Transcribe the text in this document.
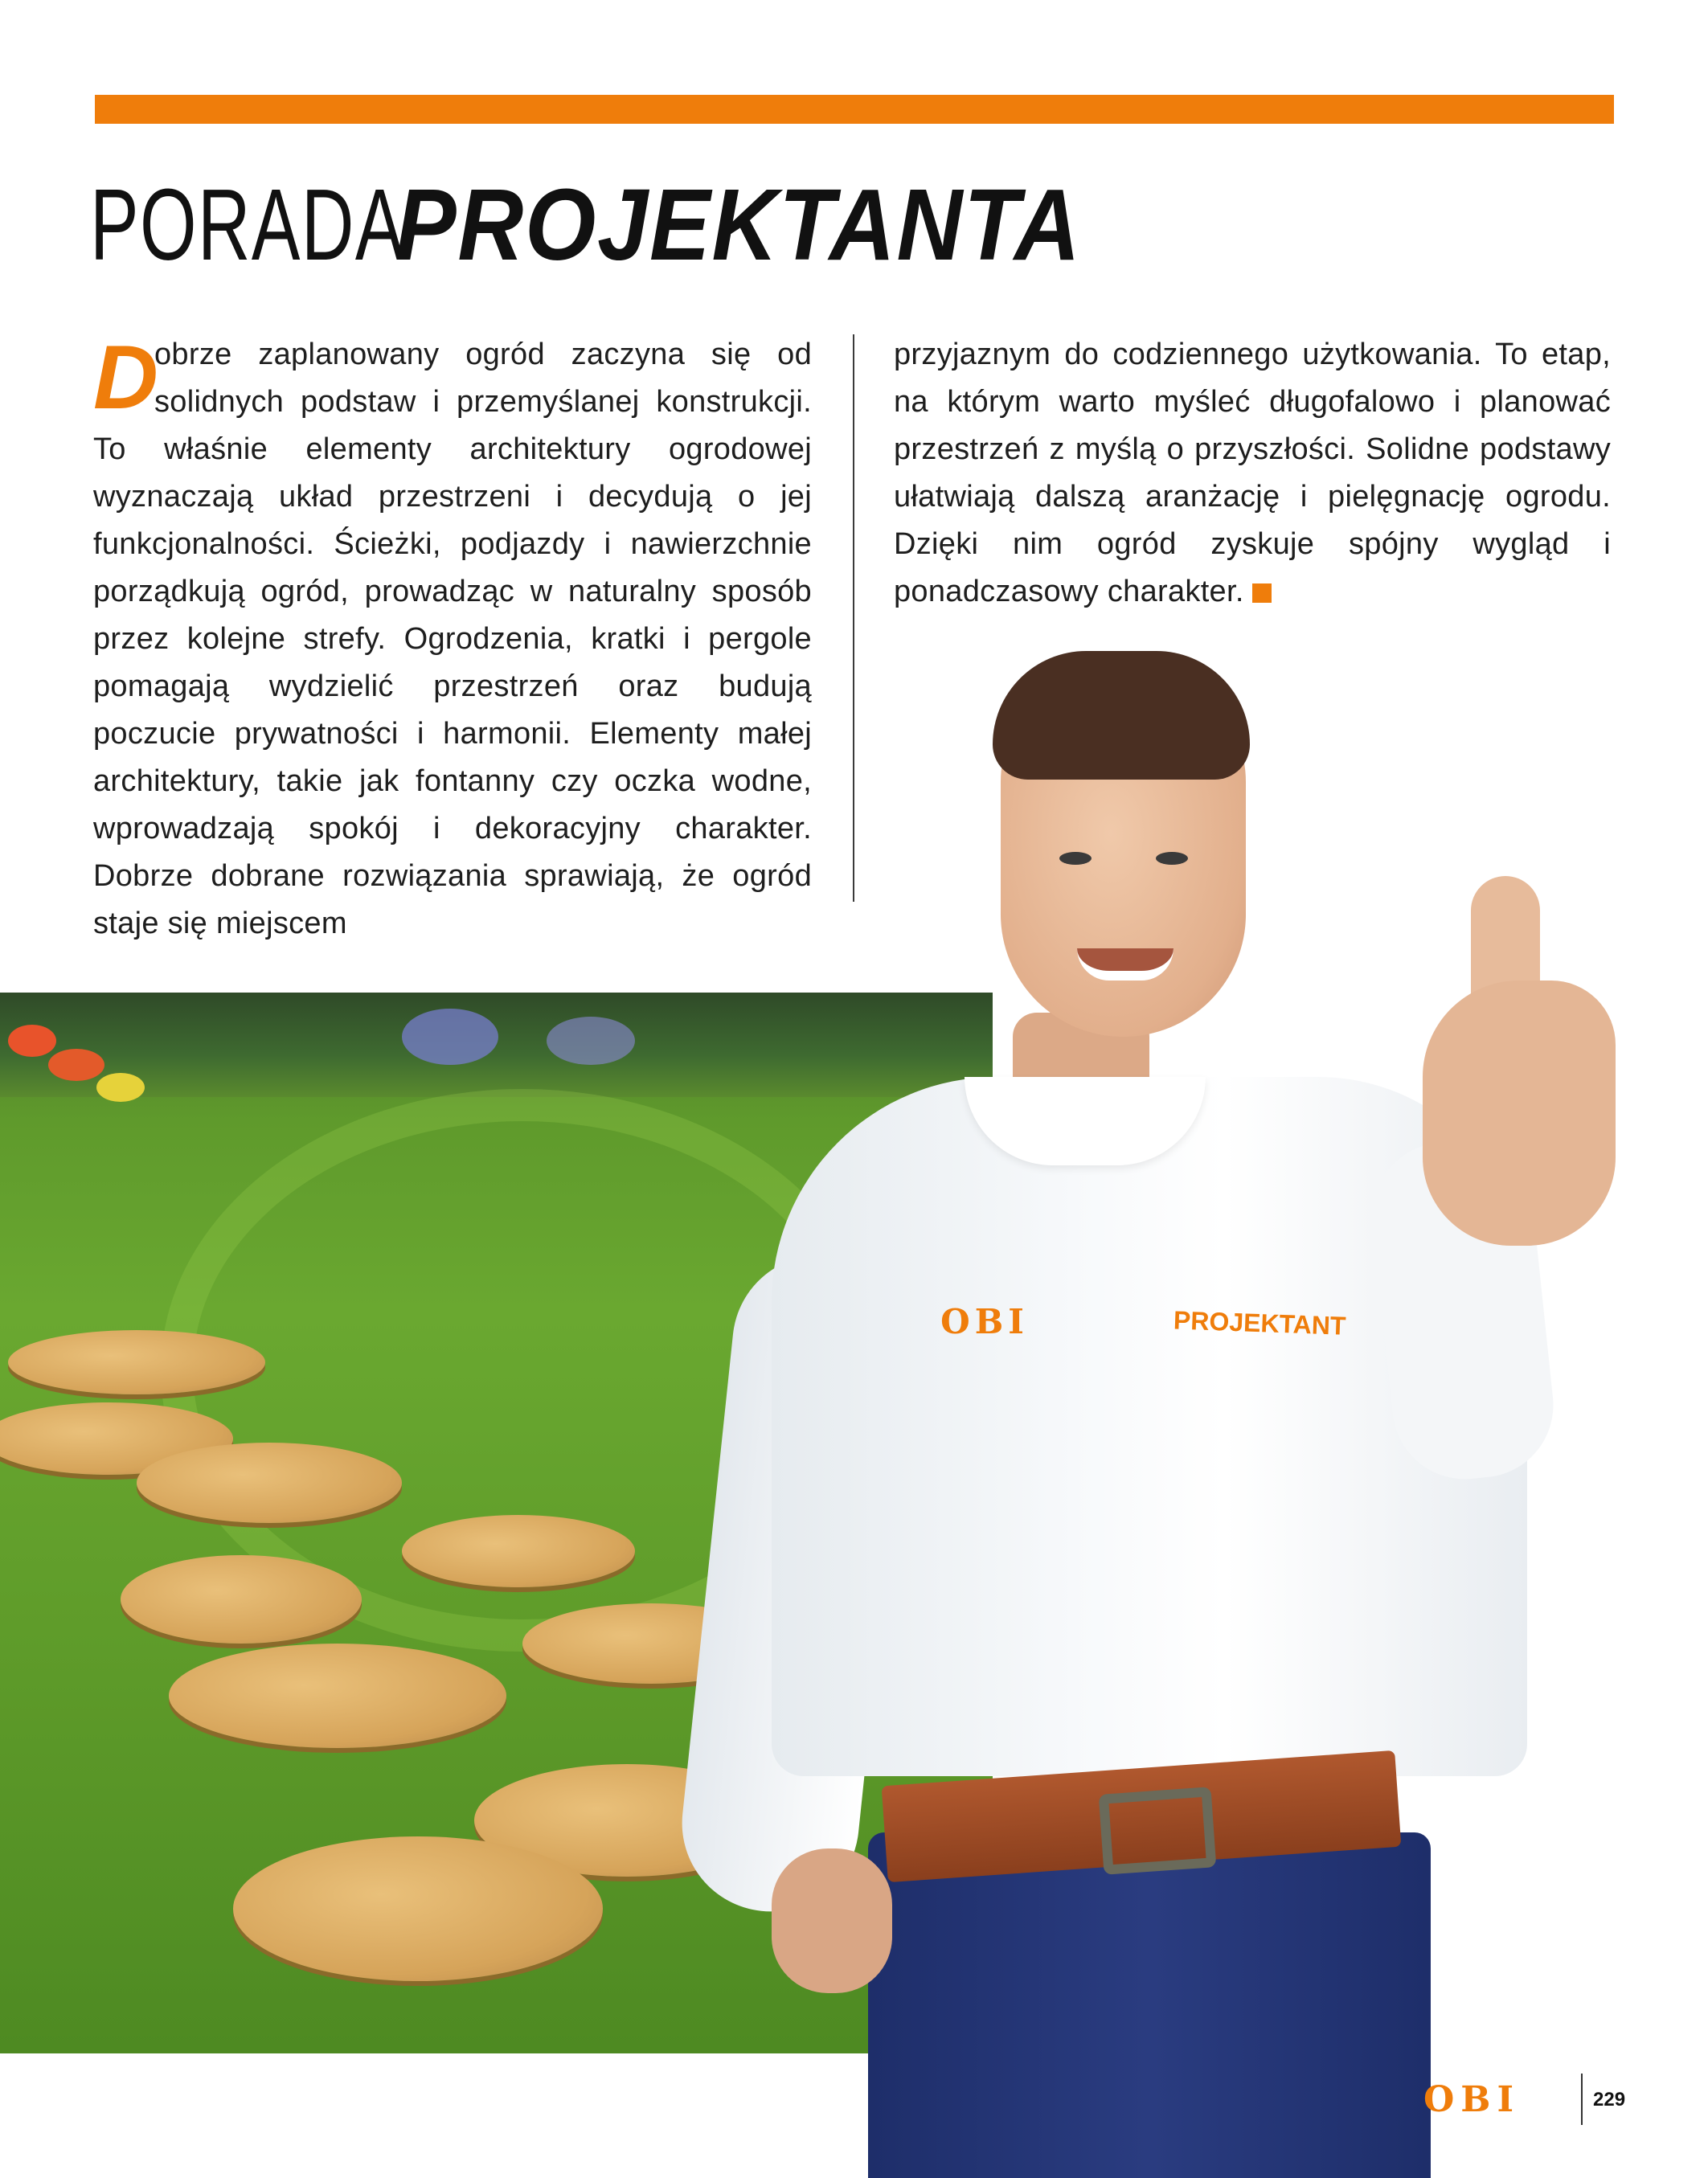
PORADAPROJEKTANTA
D
obrze zaplanowany ogród zaczyna się od solidnych podstaw i przemyślanej konstrukcji. To właśnie elementy architektury ogrodowej wyznaczają układ przestrzeni i decydują o jej funkcjonalności. Ścieżki, podjazdy i nawierzchnie porządkują ogród, prowadząc w naturalny sposób przez kolejne strefy. Ogrodzenia, kratki i pergole pomagają wydzielić przestrzeń oraz budują poczucie prywatności i harmonii. Elementy małej architektury, takie jak fontanny czy oczka wodne, wprowadzają spokój i dekoracyjny charakter. Dobrze dobrane rozwiązania sprawiają, że ogród staje się miejscem
przyjaznym do codziennego użytkowania. To etap, na którym warto myśleć długofalowo i planować przestrzeń z myślą o przyszłości. Solidne podstawy ułatwiają dalszą aranżację i pielęgnację ogrodu. Dzięki nim ogród zyskuje spójny wygląd i ponadczasowy charakter.
OBI	PROJEKTANT
OBI	229
